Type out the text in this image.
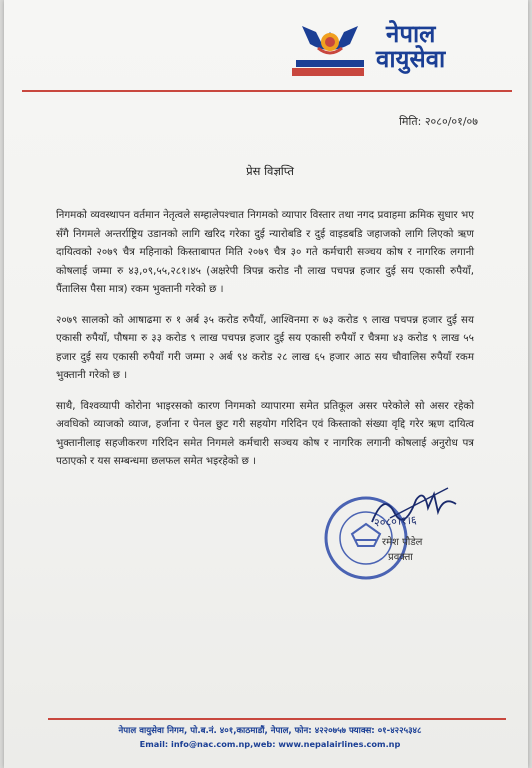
नेपाल
वायुसेवा
मिति: २०८०/०१/०७
प्रेस विज्ञप्ति

निगमको व्यवस्थापन वर्तमान नेतृत्वले सम्हालेपश्चात निगमको व्यापार विस्तार तथा नगद प्रवाहमा क्रमिक सुधार भए सँगै निगमले अन्तर्राष्ट्रिय उडानको लागि खरिद गरेका दुई न्यारोबडि र दुई वाइडबडि जहाजको लागि लिएको ऋण दायित्वको २०७९ चैत्र महिनाको किस्ताबापत मिति २०७९ चैत्र ३० गते कर्मचारी सञ्चय कोष र नागरिक लगानी कोषलाई जम्मा रु ४३,०९,५५,२८१।४५ (अक्षरेपी त्रिपन्न करोड नौ लाख पचपन्न हजार दुई सय एकासी रुपैयाँ, पैंतालिस पैसा मात्र) रकम भुक्तानी गरेको छ ।

२०७९ सालको को आषाढमा रु १ अर्ब ३५ करोड रुपैयाँ, आश्विनमा रु ७३ करोड ९ लाख पचपन्न हजार दुई सय एकासी रुपैयाँ, पौषमा रु ३३ करोड ९ लाख पचपन्न हजार दुई सय एकासी रुपैयाँ र चैत्रमा ४३ करोड ९ लाख ५५ हजार दुई सय एकासी रुपैयाँ गरी जम्मा २ अर्ब ९४ करोड २८ लाख ६५ हजार आठ सय चौवालिस रुपैयाँ रकम भुक्तानी गरेको छ ।

साथै, विश्वव्यापी कोरोना भाइरसको कारण निगमको व्यापारमा समेत प्रतिकूल असर परेकोले सो असर रहेको अवधिको व्याजको व्याज, हर्जाना र पेनल छुट गरी सहयोग गरिदिन एवं किस्ताको संख्या वृद्दि गरेर ऋण दायित्व भुक्तानीलाइ सहजीकरण गरिदिन समेत निगमले कर्मचारी सञ्चय कोष र नागरिक लगानी कोषलाई अनुरोध पत्र पठाएको र यस सम्बन्धमा छलफल समेत भइरहेको छ ।

२०८०।१।६
रमेश पौडेल
प्रवक्ता
नेपाल वायुसेवा निगम, पो.ब.नं. ४०१,काठमाडौं, नेपाल, फोन: ४२२०७५७ फ्याक्स: ०१-४२२५३४८
Email: info@nac.com.np,web: www.nepalairlines.com.np
